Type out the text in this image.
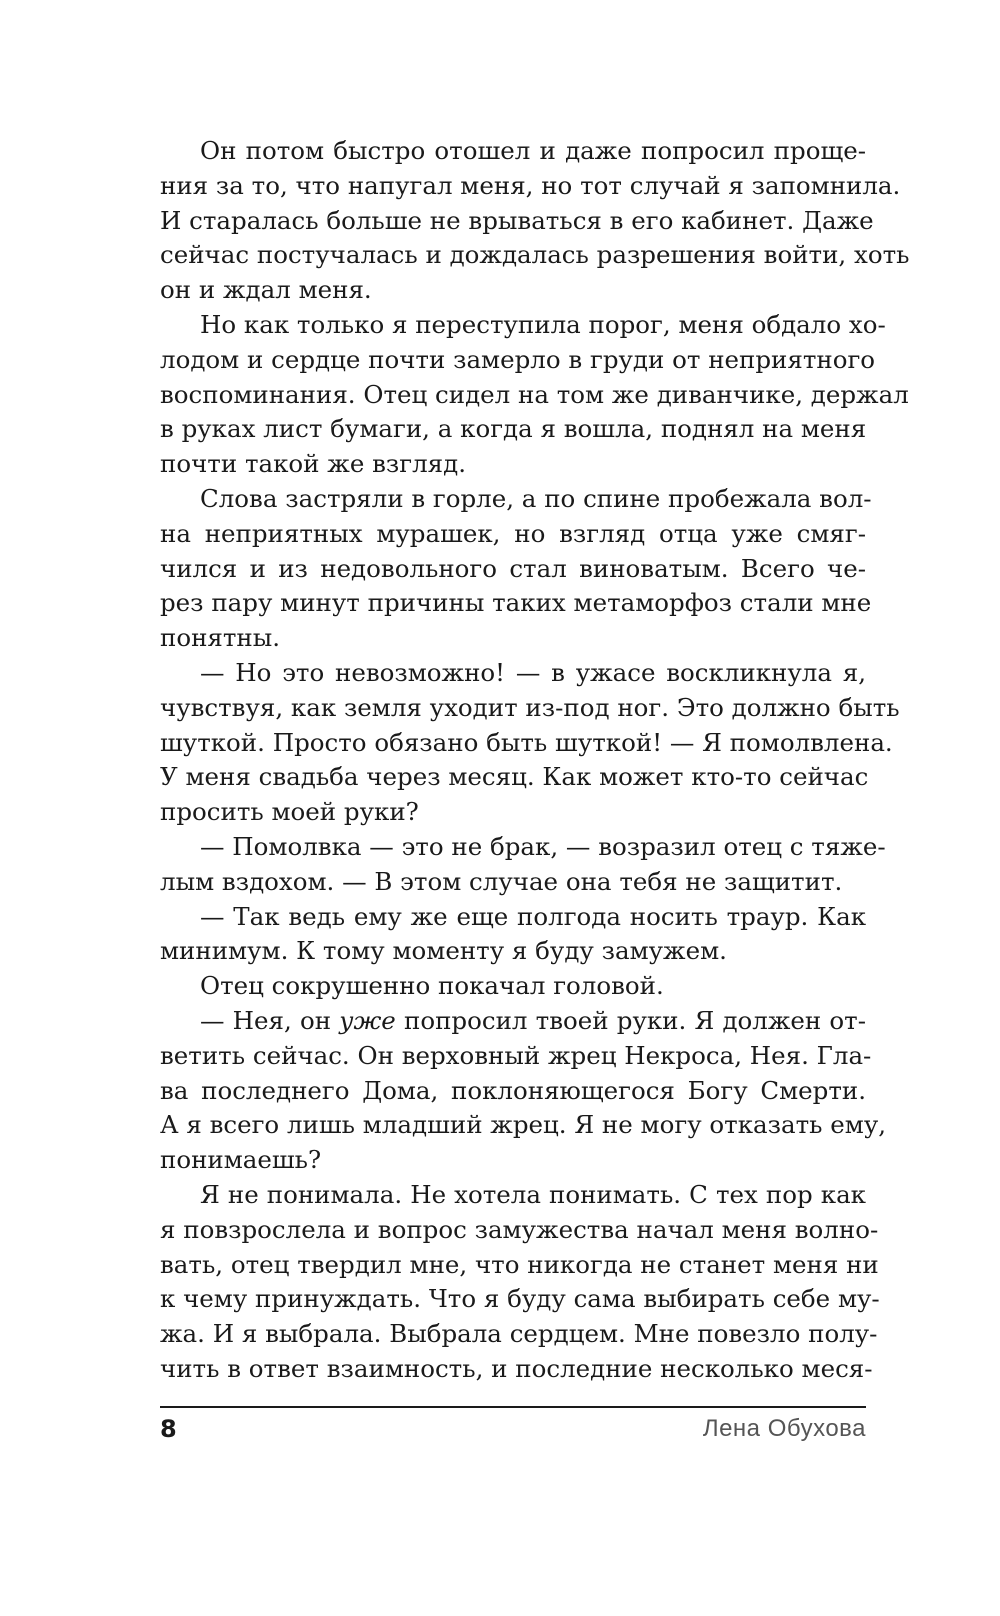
Он потом быстро отошел и даже попросил проще-
ния за то, что напугал меня, но тот случай я запомнила.
И старалась больше не врываться в его кабинет. Даже
сейчас постучалась и дождалась разрешения войти, хоть
он и ждал меня.
Но как только я переступила порог, меня обдало хо-
лодом и сердце почти замерло в груди от неприятного
воспоминания. Отец сидел на том же диванчике, держал
в руках лист бумаги, а когда я вошла, поднял на меня
почти такой же взгляд.
Слова застряли в горле, а по спине пробежала вол-
на неприятных мурашек, но взгляд отца уже смяг-
чился и из недовольного стал виноватым. Всего че-
рез пару минут причины таких метаморфоз стали мне
понятны.
— Но это невозможно! — в ужасе воскликнула я,
чувствуя, как земля уходит из-под ног. Это должно быть
шуткой. Просто обязано быть шуткой! — Я помолвлена.
У меня свадьба через месяц. Как может кто-то сейчас
просить моей руки?
— Помолвка — это не брак, — возразил отец с тяже-
лым вздохом. — В этом случае она тебя не защитит.
— Так ведь ему же еще полгода носить траур. Как
минимум. К тому моменту я буду замужем.
Отец сокрушенно покачал головой.
— Нея, он уже попросил твоей руки. Я должен от-
ветить сейчас. Он верховный жрец Некроса, Нея. Гла-
ва последнего Дома, поклоняющегося Богу Смерти.
А я всего лишь младший жрец. Я не могу отказать ему,
понимаешь?
Я не понимала. Не хотела понимать. С тех пор как
я повзрослела и вопрос замужества начал меня волно-
вать, отец твердил мне, что никогда не станет меня ни
к чему принуждать. Что я буду сама выбирать себе му-
жа. И я выбрала. Выбрала сердцем. Мне повезло полу-
чить в ответ взаимность, и последние несколько меся-
8	Лена Обухова
